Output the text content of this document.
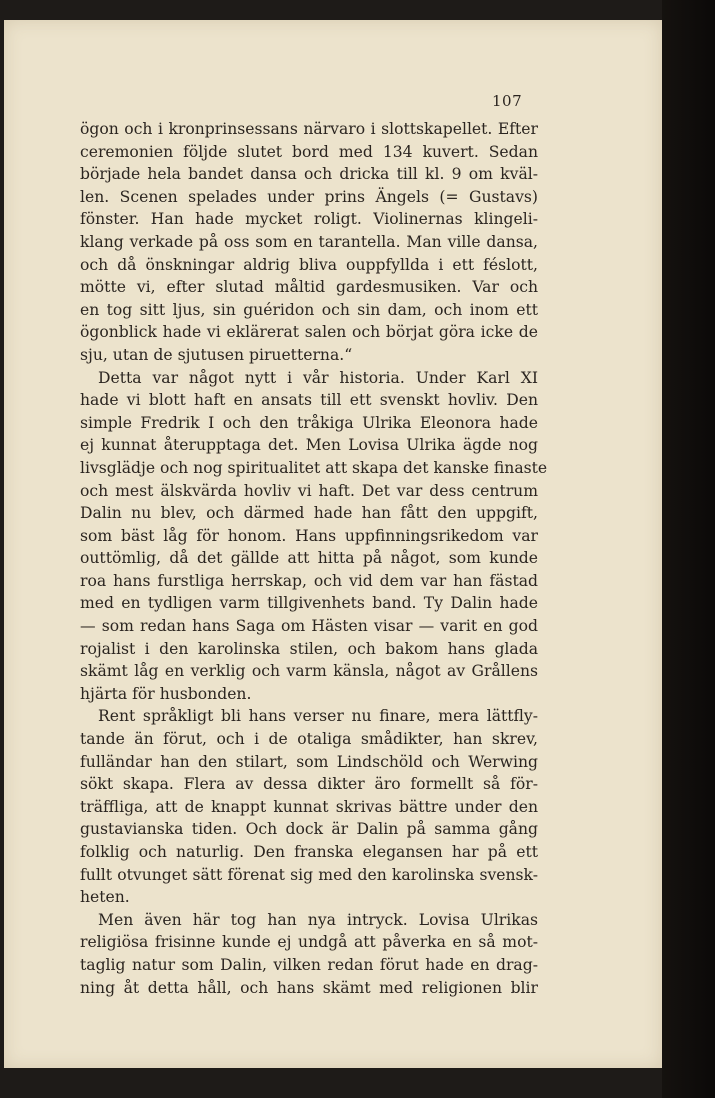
107
ögon och i kronprinsessans närvaro i slottskapellet. Efter
ceremonien följde slutet bord med 134 kuvert. Sedan
började hela bandet dansa och dricka till kl. 9 om kväl-
len. Scenen spelades under prins Ängels (= Gustavs)
fönster. Han hade mycket roligt. Violinernas klingeli-
klang verkade på oss som en tarantella. Man ville dansa,
och då önskningar aldrig bliva ouppfyllda i ett féslott,
mötte vi, efter slutad måltid gardesmusiken. Var och
en tog sitt ljus, sin guéridon och sin dam, och inom ett
ögonblick hade vi eklärerat salen och börjat göra icke de
sju, utan de sjutusen piruetterna.“
Detta var något nytt i vår historia. Under Karl XI
hade vi blott haft en ansats till ett svenskt hovliv. Den
simple Fredrik I och den tråkiga Ulrika Eleonora hade
ej kunnat återupptaga det. Men Lovisa Ulrika ägde nog
livsglädje och nog spiritualitet att skapa det kanske finaste
och mest älskvärda hovliv vi haft. Det var dess centrum
Dalin nu blev, och därmed hade han fått den uppgift,
som bäst låg för honom. Hans uppfinningsrikedom var
outtömlig, då det gällde att hitta på något, som kunde
roa hans furstliga herrskap, och vid dem var han fästad
med en tydligen varm tillgivenhets band. Ty Dalin hade
— som redan hans Saga om Hästen visar — varit en god
rojalist i den karolinska stilen, och bakom hans glada
skämt låg en verklig och varm känsla, något av Grållens
hjärta för husbonden.
Rent språkligt bli hans verser nu finare, mera lättfly-
tande än förut, och i de otaliga smådikter, han skrev,
fulländar han den stilart, som Lindschöld och Werwing
sökt skapa. Flera av dessa dikter äro formellt så för-
träffliga, att de knappt kunnat skrivas bättre under den
gustavianska tiden. Och dock är Dalin på samma gång
folklig och naturlig. Den franska elegansen har på ett
fullt otvunget sätt förenat sig med den karolinska svensk-
heten.
Men även här tog han nya intryck. Lovisa Ulrikas
religiösa frisinne kunde ej undgå att påverka en så mot-
taglig natur som Dalin, vilken redan förut hade en drag-
ning åt detta håll, och hans skämt med religionen blir
